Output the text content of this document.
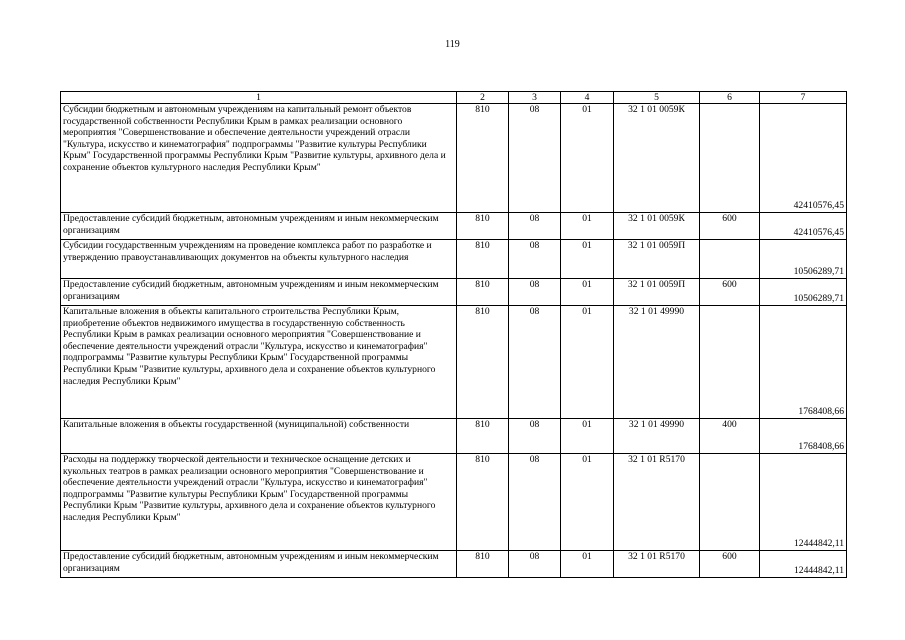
119
1	2	3	4	5	6	7
Субсидии бюджетным и автономным учреждениям на капитальный ремонт объектов государственной собственности Республики Крым в рамках реализации основного мероприятия "Совершенствование и обеспечение деятельности учреждений отрасли "Культура, искусство и кинематография" подпрограммы "Развитие культуры Республики Крым" Государственной программы Республики Крым "Развитие культуры, архивного дела и сохранение объектов культурного наследия Республики Крым"	810	08	01	32 1 01 0059К		42410576,45
Предоставление субсидий бюджетным, автономным учреждениям и иным некоммерческим организациям	810	08	01	32 1 01 0059К	600	42410576,45
Субсидии государственным учреждениям на проведение комплекса работ по разработке и утверждению правоустанавливающих документов на объекты культурного наследия	810	08	01	32 1 01 0059П		10506289,71
Предоставление субсидий бюджетным, автономным учреждениям и иным некоммерческим организациям	810	08	01	32 1 01 0059П	600	10506289,71
Капитальные вложения в объекты капитального строительства Республики Крым, приобретение объектов недвижимого имущества в государственную собственность Республики Крым в рамках реализации основного мероприятия "Совершенствование и обеспечение деятельности учреждений отрасли "Культура, искусство и кинематография" подпрограммы "Развитие культуры Республики Крым" Государственной программы Республики Крым "Развитие культуры, архивного дела и сохранение объектов культурного наследия Республики Крым"	810	08	01	32 1 01 49990		1768408,66
Капитальные вложения в объекты государственной (муниципальной) собственности	810	08	01	32 1 01 49990	400	1768408,66
Расходы на поддержку творческой деятельности и техническое оснащение детских и кукольных театров в рамках реализации основного мероприятия "Совершенствование и обеспечение деятельности учреждений отрасли "Культура, искусство и кинематография" подпрограммы "Развитие культуры Республики Крым" Государственной программы Республики Крым "Развитие культуры, архивного дела и сохранение объектов культурного наследия Республики Крым"	810	08	01	32 1 01 R5170		12444842,11
Предоставление субсидий бюджетным, автономным учреждениям и иным некоммерческим организациям	810	08	01	32 1 01 R5170	600	12444842,11
